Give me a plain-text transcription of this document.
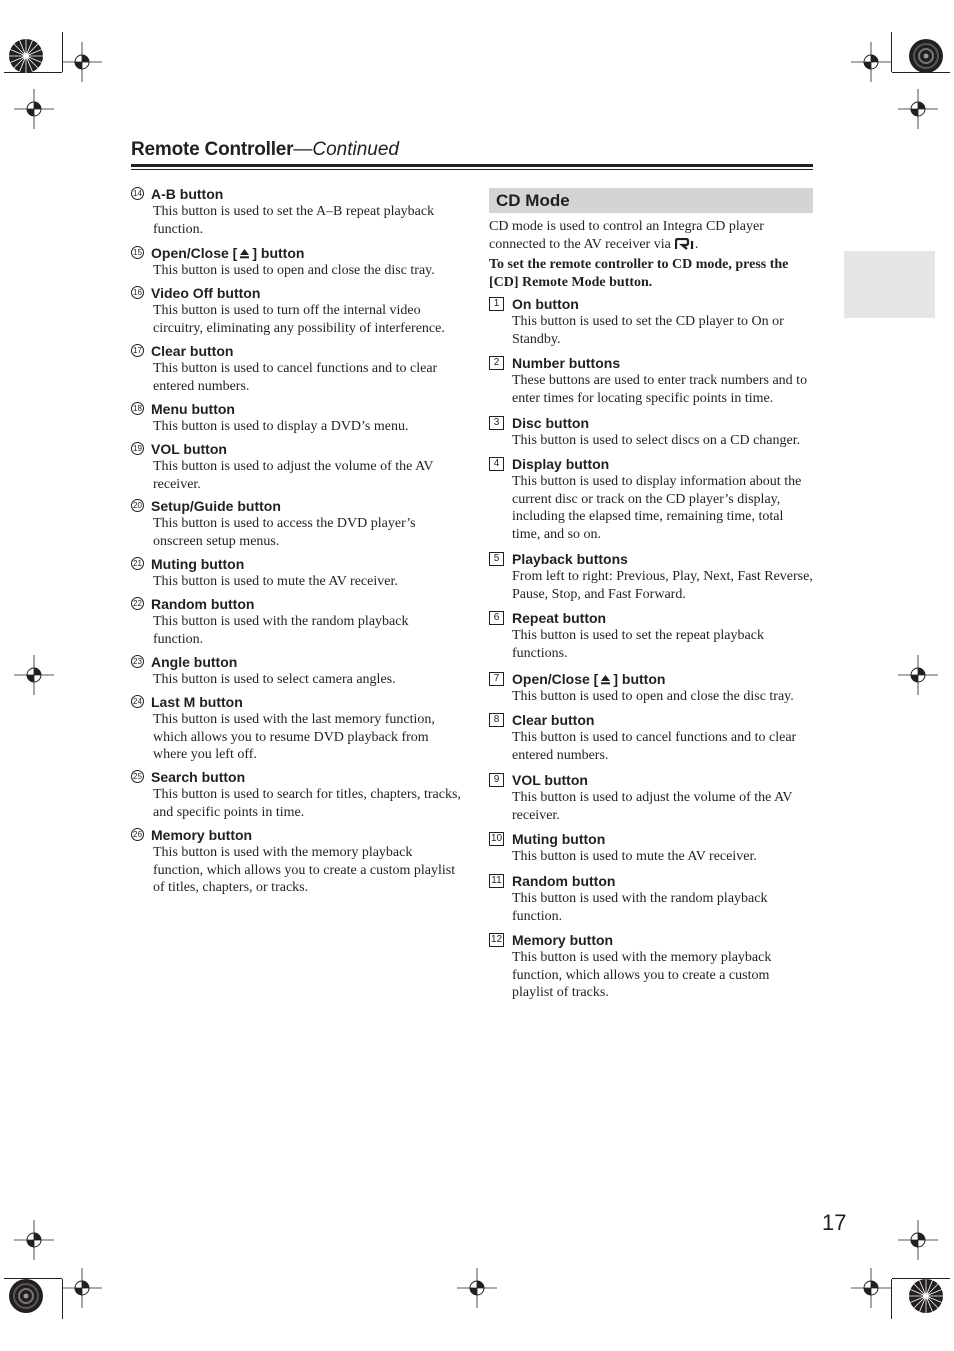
Remote Controller—Continued
14 A-B button
This button is used to set the A–B repeat playback function.
15 Open/Close [ ] button
This button is used to open and close the disc tray.
16 Video Off button
This button is used to turn off the internal video circuitry, eliminating any possibility of interference.
17 Clear button
This button is used to cancel functions and to clear entered numbers.
18 Menu button
This button is used to display a DVD’s menu.
19 VOL button
This button is used to adjust the volume of the AV receiver.
20 Setup/Guide button
This button is used to access the DVD player’s onscreen setup menus.
21 Muting button
This button is used to mute the AV receiver.
22 Random button
This button is used with the random playback function.
23 Angle button
This button is used to select camera angles.
24 Last M button
This button is used with the last memory function, which allows you to resume DVD playback from where you left off.
25 Search button
This button is used to search for titles, chapters, tracks, and specific points in time.
26 Memory button
This button is used with the memory playback function, which allows you to create a custom playlist of titles, chapters, or tracks.
CD Mode
CD mode is used to control an Integra CD player connected to the AV receiver via .
To set the remote controller to CD mode, press the [CD] Remote Mode button.
1 On button
This button is used to set the CD player to On or Standby.
2 Number buttons
These buttons are used to enter track numbers and to enter times for locating specific points in time.
3 Disc button
This button is used to select discs on a CD changer.
4 Display button
This button is used to display information about the current disc or track on the CD player’s display, including the elapsed time, remaining time, total time, and so on.
5 Playback buttons
From left to right: Previous, Play, Next, Fast Reverse, Pause, Stop, and Fast Forward.
6 Repeat button
This button is used to set the repeat playback functions.
7 Open/Close [ ] button
This button is used to open and close the disc tray.
8 Clear button
This button is used to cancel functions and to clear entered numbers.
9 VOL button
This button is used to adjust the volume of the AV receiver.
10 Muting button
This button is used to mute the AV receiver.
11 Random button
This button is used with the random playback function.
12 Memory button
This button is used with the memory playback function, which allows you to create a custom playlist of tracks.
17
